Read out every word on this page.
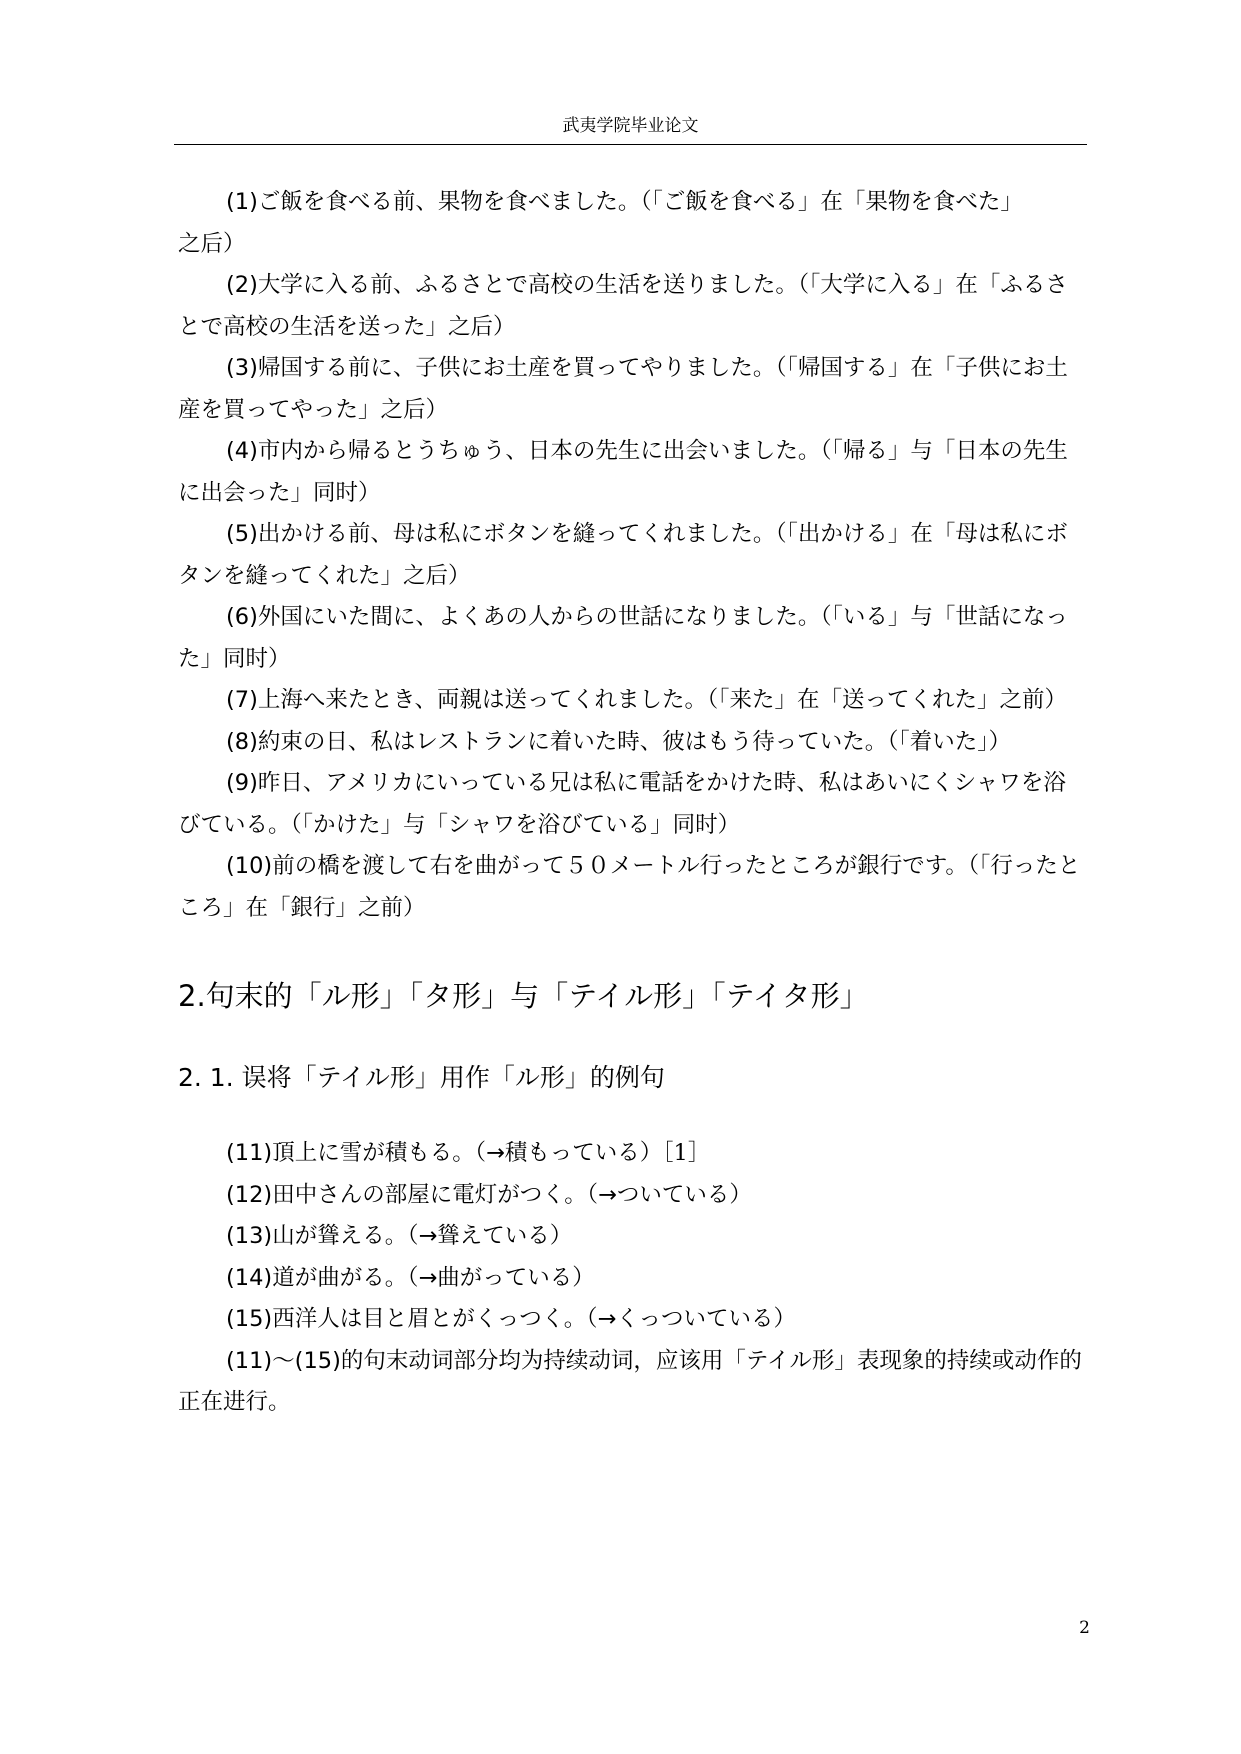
武夷学院毕业论文

(1)ご飯を食べる前、果物を食べました。（「ご飯を食べる」在「果物を食べた」之后）

(2)大学に入る前、ふるさとで高校の生活を送りました。（「大学に入る」在「ふるさとで高校の生活を送った」之后）

(3)帰国する前に、子供にお土産を買ってやりました。（「帰国する」在「子供にお土産を買ってやった」之后）

(4)市内から帰るとうちゅう、日本の先生に出会いました。（「帰る」与「日本の先生に出会った」同时）

(5)出かける前、母は私にボタンを縫ってくれました。（「出かける」在「母は私にボタンを縫ってくれた」之后）

(6)外国にいた間に、よくあの人からの世話になりました。（「いる」与「世話になった」同时）

(7)上海へ来たとき、両親は送ってくれました。（「来た」在「送ってくれた」之前）

(8)約束の日、私はレストランに着いた時、彼はもう待っていた。（「着いた」）

(9)昨日、アメリカにいっている兄は私に電話をかけた時、私はあいにくシャワを浴びている。（「かけた」与「シャワを浴びている」同时）

(10)前の橋を渡して右を曲がって５０メートル行ったところが銀行です。（「行ったところ」在「銀行」之前）

2.句末的「ル形」「タ形」与「テイル形」「テイタ形」
2. 1. 误将「テイル形」用作「ル形」的例句

(11)頂上に雪が積もる。（→積もっている）［1］

(12)田中さんの部屋に電灯がつく。（→ついている）

(13)山が聳える。（→聳えている）

(14)道が曲がる。（→曲がっている）

(15)西洋人は目と眉とがくっつく。（→くっついている）

(11)～(15)的句末动词部分均为持续动词，应该用「テイル形」表现象的持续或动作的正在进行。

2
